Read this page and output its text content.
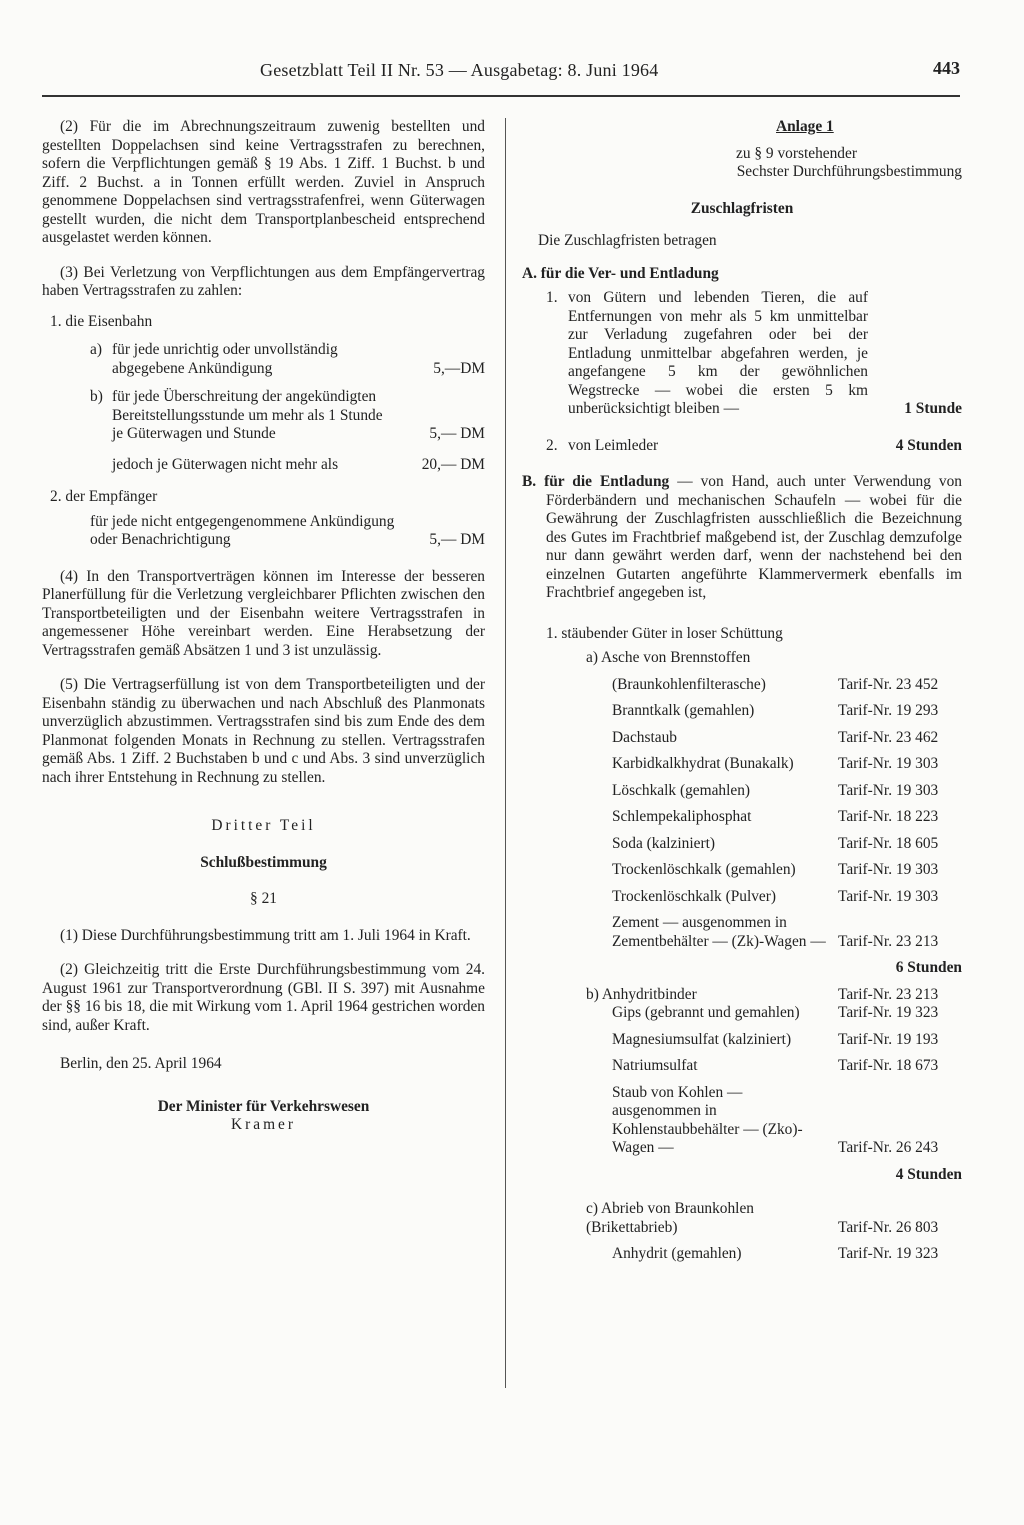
Gesetzblatt Teil II Nr. 53 — Ausgabetag: 8. Juni 1964	443

(2) Für die im Abrechnungszeitraum zuwenig bestellten und gestellten Doppelachsen sind keine Vertragsstrafen zu berechnen, sofern die Verpflichtungen gemäß § 19 Abs. 1 Ziff. 1 Buchst. b und Ziff. 2 Buchst. a in Tonnen erfüllt werden. Zuviel in Anspruch genommene Doppelachsen sind vertragsstrafenfrei, wenn Güterwagen gestellt wurden, die nicht dem Transportplanbescheid entsprechend ausgelastet werden können.

(3) Bei Verletzung von Verpflichtungen aus dem Empfängervertrag haben Vertragsstrafen zu zahlen:

1. die Eisenbahn

a) für jede unrichtig oder unvollständig abgegebene Ankündigung	5,—DM
b) für jede Überschreitung der angekündigten Bereitstellungsstunde um mehr als 1 Stunde je Güterwagen und Stunde	5,— DM
jedoch je Güterwagen nicht mehr als	20,— DM

2. der Empfänger

für jede nicht entgegengenommene Ankündigung oder Benachrichtigung	5,— DM

(4) In den Transportverträgen können im Interesse der besseren Planerfüllung für die Verletzung vergleichbarer Pflichten zwischen den Transportbeteiligten und der Eisenbahn weitere Vertragsstrafen in angemessener Höhe vereinbart werden. Eine Herabsetzung der Vertragsstrafen gemäß Absätzen 1 und 3 ist unzulässig.

(5) Die Vertragserfüllung ist von dem Transportbeteiligten und der Eisenbahn ständig zu überwachen und nach Abschluß des Planmonats unverzüglich abzustimmen. Vertragsstrafen sind bis zum Ende des dem Planmonat folgenden Monats in Rechnung zu stellen. Vertragsstrafen gemäß Abs. 1 Ziff. 2 Buchstaben b und c und Abs. 3 sind unverzüglich nach ihrer Entstehung in Rechnung zu stellen.

Dritter Teil

Schlußbestimmung

§ 21

(1) Diese Durchführungsbestimmung tritt am 1. Juli 1964 in Kraft.

(2) Gleichzeitig tritt die Erste Durchführungsbestimmung vom 24. August 1961 zur Transportverordnung (GBl. II S. 397) mit Ausnahme der §§ 16 bis 18, die mit Wirkung vom 1. April 1964 gestrichen worden sind, außer Kraft.

Berlin, den 25. April 1964

Der Minister für Verkehrswesen

Kramer

Anlage 1

zu § 9 vorstehender

Sechster Durchführungsbestimmung

Zuschlagfristen

Die Zuschlagfristen betragen

A. für die Ver- und Entladung

1. von Gütern und lebenden Tieren, die auf Entfernungen von mehr als 5 km unmittelbar zur Verladung zugefahren oder bei der Entladung unmittelbar abgefahren werden, je angefangene 5 km der gewöhnlichen Wegstrecke — wobei die ersten 5 km unberücksichtigt bleiben —	1 Stunde
2. von Leimleder	4 Stunden

B. für die Entladung — von Hand, auch unter Verwendung von Förderbändern und mechanischen Schaufeln — wobei für die Gewährung der Zuschlagfristen ausschließlich die Bezeichnung des Gutes im Frachtbrief maßgebend ist, der Zuschlag demzufolge nur dann gewährt werden darf, wenn der nachstehend bei den einzelnen Gutarten angeführte Klammervermerk ebenfalls im Frachtbrief angegeben ist,

1. stäubender Güter in loser Schüttung

a) Asche von Brennstoffen

(Braunkohlenfilterasche)	Tarif-Nr. 23 452
Branntkalk (gemahlen)	Tarif-Nr. 19 293
Dachstaub	Tarif-Nr. 23 462
Karbidkalkhydrat (Bunakalk)	Tarif-Nr. 19 303
Löschkalk (gemahlen)	Tarif-Nr. 19 303
Schlempekaliphosphat	Tarif-Nr. 18 223
Soda (kalziniert)	Tarif-Nr. 18 605
Trockenlöschkalk (gemahlen)	Tarif-Nr. 19 303
Trockenlöschkalk (Pulver)	Tarif-Nr. 19 303
Zement — ausgenommen in Zementbehälter — (Zk)-Wagen — Tarif-Nr. 23 213

6 Stunden

b) Anhydritbinder	Tarif-Nr. 23 213
Gips (gebrannt und gemahlen)	Tarif-Nr. 19 323
Magnesiumsulfat (kalziniert)	Tarif-Nr. 19 193
Natriumsulfat	Tarif-Nr. 18 673
Staub von Kohlen — ausgenommen in Kohlenstaubbehälter — (Zko)-Wagen —	Tarif-Nr. 26 243

4 Stunden

c) Abrieb von Braunkohlen (Brikettabrieb)	Tarif-Nr. 26 803
Anhydrit (gemahlen)	Tarif-Nr. 19 323
